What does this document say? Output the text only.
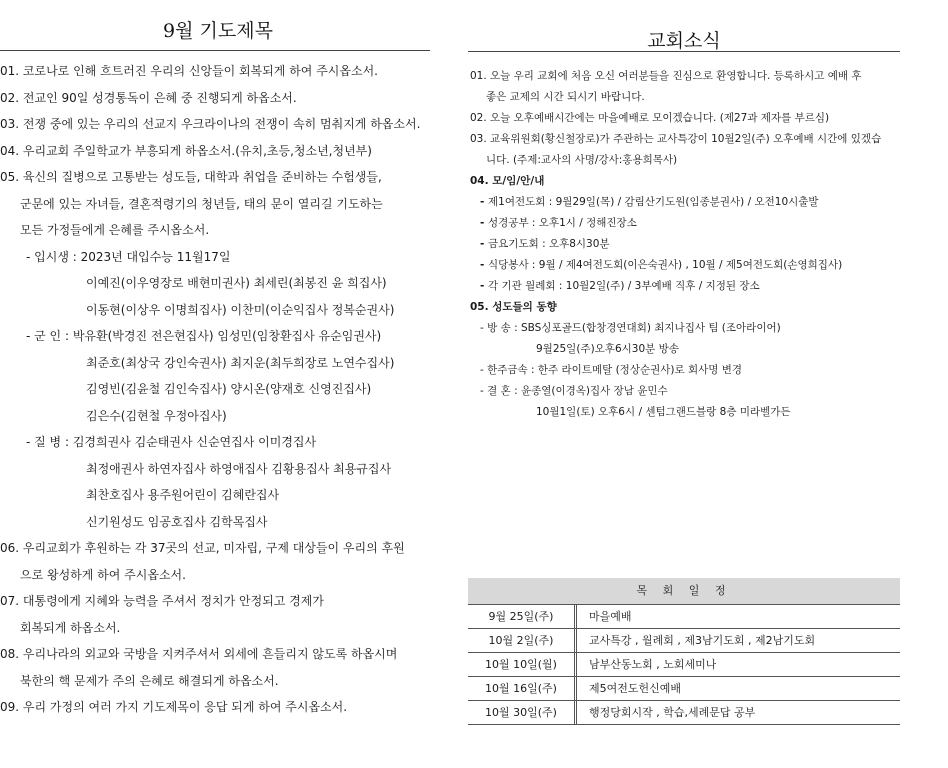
9월 기도제목
01. 코로나로 인해 흐트러진 우리의 신앙들이 회복되게 하여 주시옵소서.
02. 전교인 90일 성경통독이 은혜 중 진행되게 하옵소서.
03. 전쟁 중에 있는 우리의 선교지 우크라이나의 전쟁이 속히 멈춰지게 하옵소서.
04. 우리교회 주일학교가 부흥되게 하옵소서.(유치,초등,청소년,청년부)
05. 육신의 질병으로 고통받는 성도들, 대학과 취업을 준비하는 수험생들,
군문에 있는 자녀들, 결혼적령기의 청년들, 태의 문이 열리길 기도하는
모든 가정들에게 은혜를 주시옵소서.
- 입시생 : 2023년 대입수능 11월17일
이예진(이우영장로 배현미권사) 최세린(최봉진 윤 희집사)
이동현(이상우 이명희집사) 이찬미(이순익집사 정복순권사)
- 군 인 : 박유환(박경진 전은현집사) 임성민(임창환집사 유순임권사)
최준호(최상국 강인숙권사) 최지운(최두희장로 노연수집사)
김영빈(김윤철 김인숙집사) 양시온(양재호 신영진집사)
김은수(김현철 우정아집사)
- 질 병 : 김경희권사 김순태권사 신순연집사 이미경집사
최정애권사 하연자집사 하영애집사 김황용집사 최용규집사
최찬호집사 용주원어린이 김혜란집사
신기원성도 임공호집사 김학목집사
06. 우리교회가 후원하는 각 37곳의 선교, 미자립, 구제 대상들이 우리의 후원
으로 왕성하게 하여 주시옵소서.
07. 대통령에게 지혜와 능력을 주셔서 정치가 안정되고 경제가
회복되게 하옵소서.
08. 우리나라의 외교와 국방을 지켜주셔서 외세에 흔들리지 않도록 하옵시며
북한의 핵 문제가 주의 은혜로 해결되게 하옵소서.
09. 우리 가정의 여러 가지 기도제목이 응답 되게 하여 주시옵소서.
교회소식
01. 오늘 우리 교회에 처음 오신 여러분들을 진심으로 환영합니다. 등록하시고 예배 후
좋은 교제의 시간 되시기 바랍니다.
02. 오늘 오후예배시간에는 마을예배로 모이겠습니다. (제27과 제자를 부르심)
03. 교육위원회(황신철장로)가 주관하는 교사특강이 10월2일(주) 오후예배 시간에 있겠습
니다. (주제:교사의 사명/강사:홍용희목사)
04. 모/임/안/내
- 제1여전도회 : 9월29일(목) / 감림산기도원(임종분권사) / 오전10시출발
- 성경공부 : 오후1시 / 정해진장소
- 금요기도회 : 오후8시30분
- 식당봉사 : 9월 / 제4여전도회(이은숙권사) , 10월 / 제5여전도회(손영희집사)
- 각 기관 월례회 : 10월2일(주) / 3부예배 직후 / 지정된 장소
05. 성도들의 동향
- 방 송 : SBS싱포골드(합창경연대회) 최지나집사 팀 (조아라이어)
9월25일(주)오후6시30분 방송
- 한주금속 : 한주 라이트메탈 (정상순권사)로 회사명 변경
- 결 혼 : 윤종열(이경옥)집사 장남 윤민수
10월1일(토) 오후6시 / 센텀그랜드블랑 8층 미라벨가든
목 회 일 정
9월 25일(주)	마을예배
10월 2일(주)	교사특강 , 월례회 , 제3남기도회 , 제2남기도회
10월 10일(월)	남부산동노회 , 노회세미나
10월 16일(주)	제5여전도헌신예배
10월 30일(주)	행정당회시작 , 학습,세례문답 공부
